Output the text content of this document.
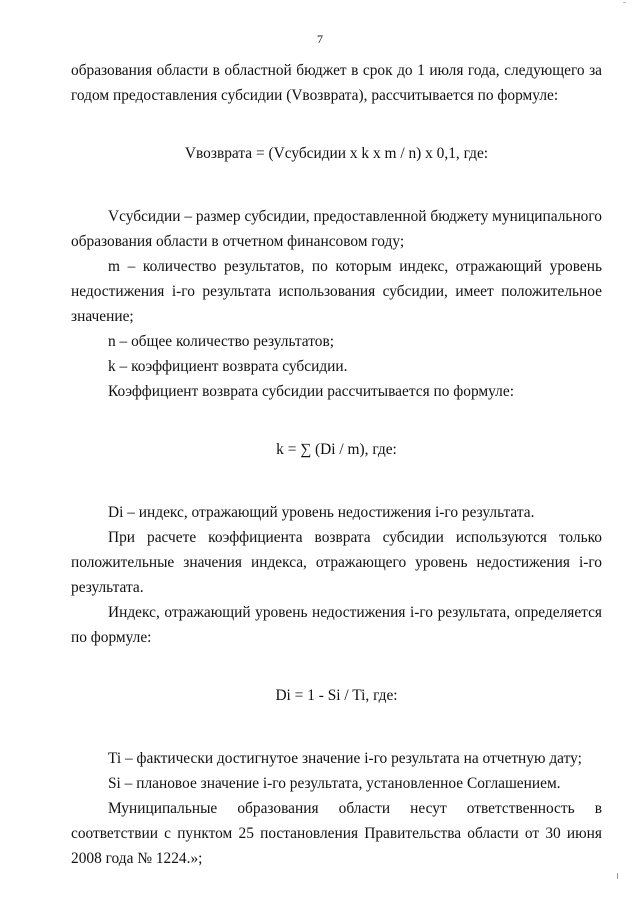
7

образования области в областной бюджет в срок до 1 июля года, следующего за годом предоставления субсидии (Vвозврата), рассчитывается по формуле:

Vвозврата = (Vсубсидии x k x m / n) x 0,1, где:

Vсубсидии – размер субсидии, предоставленной бюджету муниципального образования области в отчетном финансовом году;

m – количество результатов, по которым индекс, отражающий уровень недостижения i-го результата использования субсидии, имеет положительное значение;

n – общее количество результатов;

k – коэффициент возврата субсидии.

Коэффициент возврата субсидии рассчитывается по формуле:

k = ∑ (Di / m), где:

Di – индекс, отражающий уровень недостижения i-го результата.

При расчете коэффициента возврата субсидии используются только положительные значения индекса, отражающего уровень недостижения i-го результата.

Индекс, отражающий уровень недостижения i-го результата, определяется по формуле:

Di = 1 - Si / Ti, где:

Ti – фактически достигнутое значение i-го результата на отчетную дату;

Si – плановое значение i-го результата, установленное Соглашением.

Муниципальные образования области несут ответственность в соответствии с пунктом 25 постановления Правительства области от 30 июня 2008 года № 1224.»;
